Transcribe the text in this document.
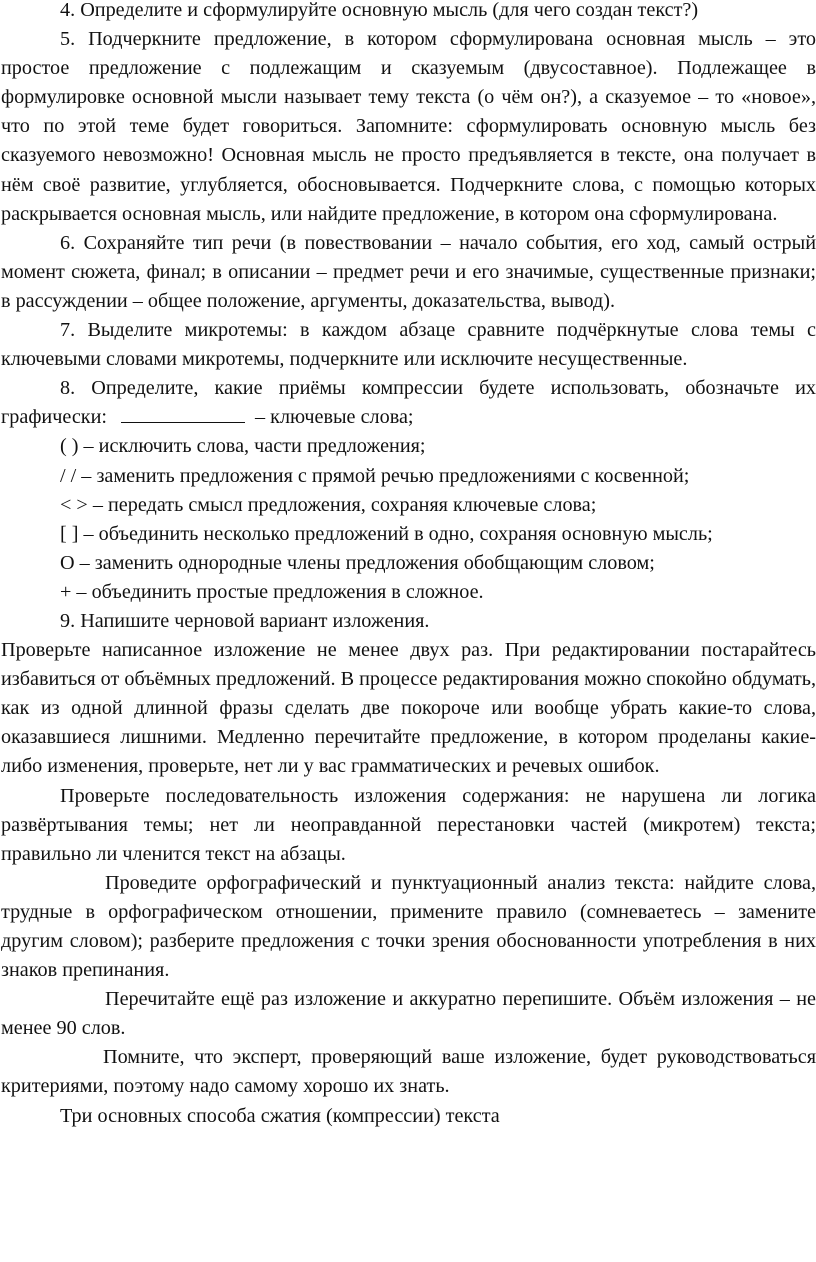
4. Определите и сформулируйте основную мысль (для чего создан текст?)

5. Подчеркните предложение, в котором сформулирована основная мысль – это простое предложение с подлежащим и сказуемым (двусоставное). Подлежащее в формулировке основной мысли называет тему текста (о чём он?), а сказуемое – то «новое», что по этой теме будет говориться. Запомните: сформулировать основную мысль без сказуемого невозможно! Основная мысль не просто предъявляется в тексте, она получает в нём своё развитие, углубляется, обосновывается. Подчеркните слова, с помощью которых раскрывается основная мысль, или найдите предложение, в котором она сформулирована.

6. Сохраняйте тип речи (в повествовании – начало события, его ход, самый острый момент сюжета, финал; в описании – предмет речи и его значимые, существенные признаки; в рассуждении – общее положение, аргументы, доказательства, вывод).

7. Выделите микротемы: в каждом абзаце сравните подчёркнутые слова темы с ключевыми словами микротемы, подчеркните или исключите несущественные.

8. Определите, какие приёмы компрессии будете использовать, обозначьте их графически:	– ключевые слова;

( ) – исключить слова, части предложения;

/ / – заменить предложения с прямой речью предложениями с косвенной;

< > – передать смысл предложения, сохраняя ключевые слова;

[ ] – объединить несколько предложений в одно, сохраняя основную мысль;

О – заменить однородные члены предложения обобщающим словом;

+ – объединить простые предложения в сложное.

9. Напишите черновой вариант изложения.

Проверьте написанное изложение не менее двух раз. При редактировании постарайтесь избавиться от объёмных предложений. В процессе редактирования можно спокойно обдумать, как из одной длинной фразы сделать две покороче или вообще убрать какие-то слова, оказавшиеся лишними. Медленно перечитайте предложение, в котором проделаны какие-либо изменения, проверьте, нет ли у вас грамматических и речевых ошибок.

Проверьте последовательность изложения содержания: не нарушена ли логика развёртывания темы; нет ли неоправданной перестановки частей (микротем) текста; правильно ли членится текст на абзацы.

Проведите орфографический и пунктуационный анализ текста: найдите слова, трудные в орфографическом отношении, примените правило (сомневаетесь – замените другим словом); разберите предложения с точки зрения обоснованности употребления в них знаков препинания.

Перечитайте ещё раз изложение и аккуратно перепишите. Объём изложения – не менее 90 слов.

Помните, что эксперт, проверяющий ваше изложение, будет руководствоваться критериями, поэтому надо самому хорошо их знать.

Три основных способа сжатия (компрессии) текста
